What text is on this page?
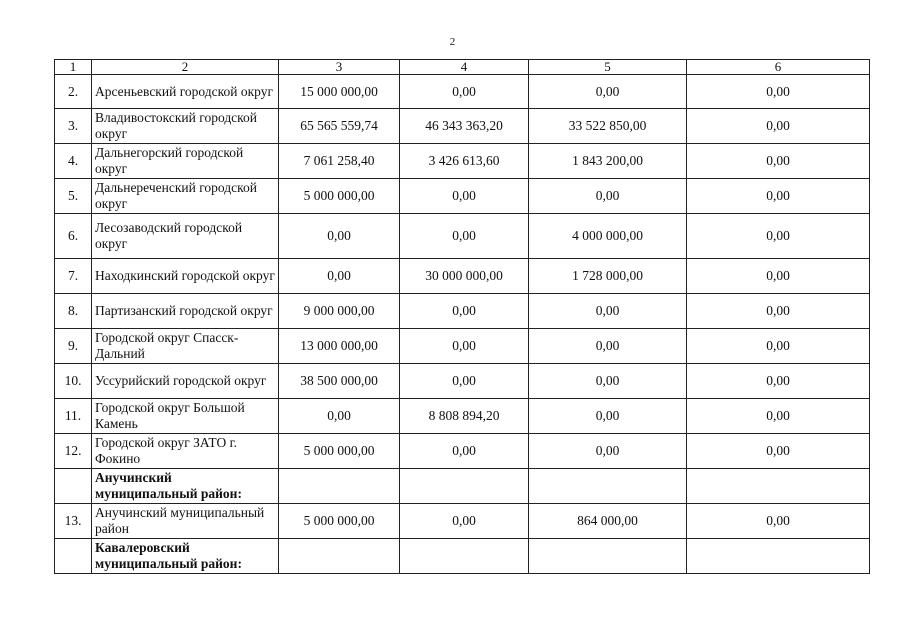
2
1	2	3	4	5	6
2.	Арсеньевский городской округ	15 000 000,00	0,00	0,00	0,00
3.	Владивостокский городской округ	65 565 559,74	46 343 363,20	33 522 850,00	0,00
4.	Дальнегорский городской округ	7 061 258,40	3 426 613,60	1 843 200,00	0,00
5.	Дальнереченский городской округ	5 000 000,00	0,00	0,00	0,00
6.	Лесозаводский городской округ	0,00	0,00	4 000 000,00	0,00
7.	Находкинский городской округ	0,00	30 000 000,00	1 728 000,00	0,00
8.	Партизанский городской округ	9 000 000,00	0,00	0,00	0,00
9.	Городской округ Спасск-Дальний	13 000 000,00	0,00	0,00	0,00
10.	Уссурийский городской округ	38 500 000,00	0,00	0,00	0,00
11.	Городской округ Большой Камень	0,00	8 808 894,20	0,00	0,00
12.	Городской округ ЗАТО г. Фокино	5 000 000,00	0,00	0,00	0,00
	Анучинский муниципальный район:				
13.	Анучинский муниципальный район	5 000 000,00	0,00	864 000,00	0,00
	Кавалеровский муниципальный район:				
